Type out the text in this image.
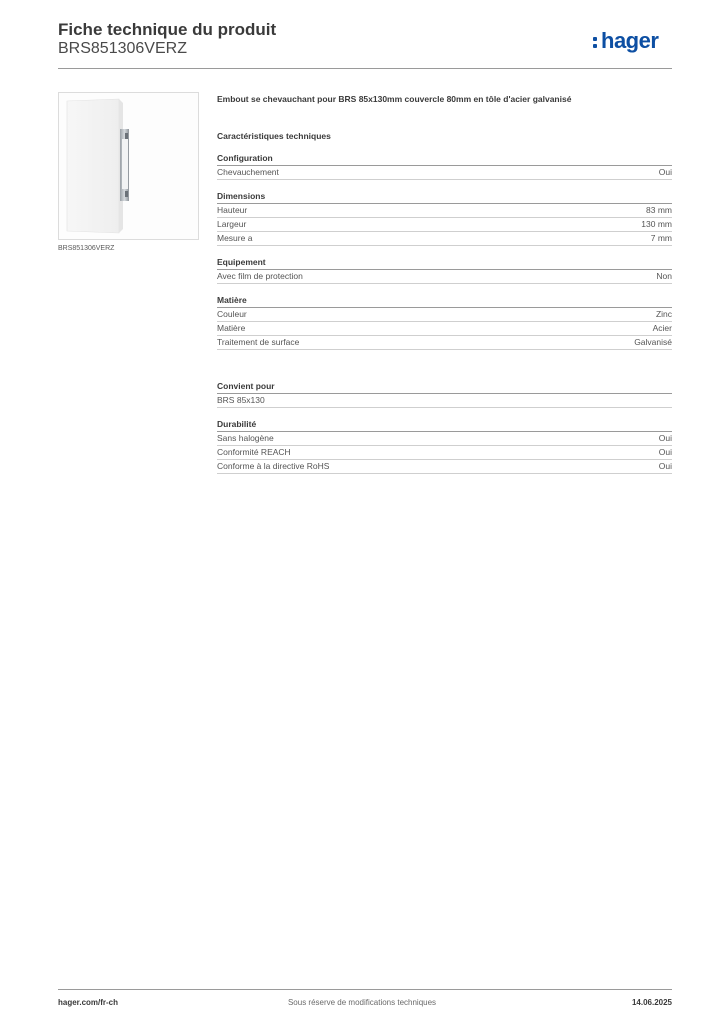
Fiche technique du produit
BRS851306VERZ	hager
BRS851306VERZ

Embout se chevauchant pour BRS 85x130mm couvercle 80mm en tôle d'acier galvanisé

Caractéristiques techniques
Configuration
Chevauchement	Oui
Dimensions
Hauteur	83 mm
Largeur	130 mm
Mesure a	7 mm
Equipement
Avec film de protection	Non
Matière
Couleur	Zinc
Matière	Acier
Traitement de surface	Galvanisé
Convient pour
BRS 85x130
Durabilité
Sans halogène	Oui
Conformité REACH	Oui
Conforme à la directive RoHS	Oui
hager.com/fr-ch	Sous réserve de modifications techniques	14.06.2025
